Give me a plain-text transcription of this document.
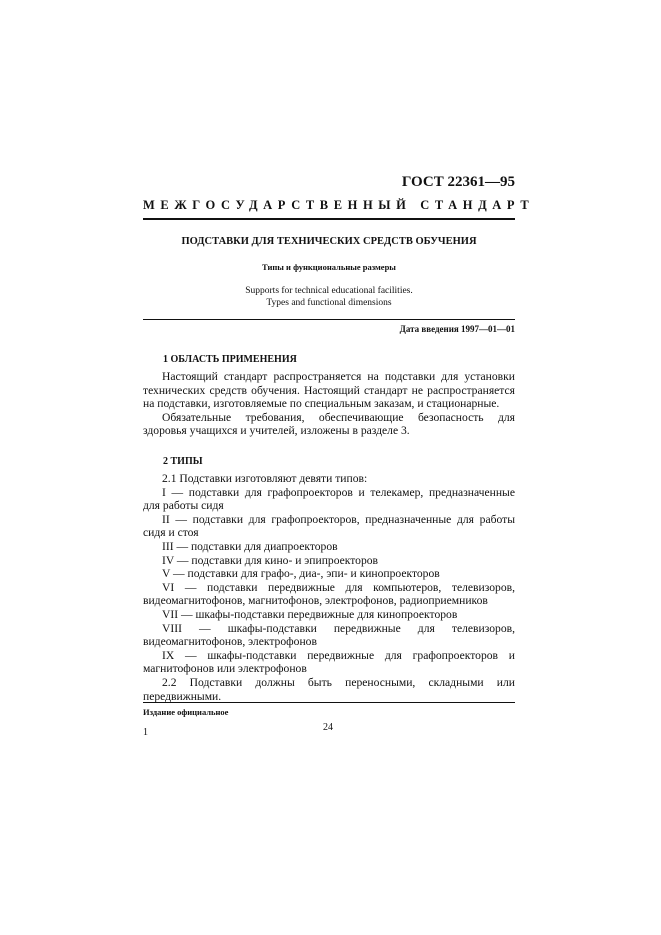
ГОСТ 22361—95
МЕЖГОСУДАРСТВЕННЫЙ СТАНДАРТ
ПОДСТАВКИ ДЛЯ ТЕХНИЧЕСКИХ СРЕДСТВ ОБУЧЕНИЯ
Типы и функциональные размеры
Supports for technical educational facilities.
Types and functional dimensions
Дата введения 1997—01—01
1 ОБЛАСТЬ ПРИМЕНЕНИЯ

Настоящий стандарт распространяется на подставки для установки технических средств обучения. Настоящий стандарт не распространяется на подставки, изготовляемые по специальным заказам, и стационарные.

Обязательные требования, обеспечивающие безопасность для здоровья учащихся и учителей, изложены в разделе 3.

2 ТИПЫ

2.1 Подставки изготовляют девяти типов:

I — подставки для графопроекторов и телекамер, предназначенные для работы сидя

II — подставки для графопроекторов, предназначенные для работы сидя и стоя

III — подставки для диапроекторов

IV — подставки для кино- и эпипроекторов

V — подставки для графо-, диа-, эпи- и кинопроекторов

VI — подставки передвижные для компьютеров, телевизоров, видеомагнитофонов, магнитофонов, электрофонов, радиоприемников

VII — шкафы-подставки передвижные для кинопроекторов

VIII — шкафы-подставки передвижные для телевизоров, видеомагнитофонов, электрофонов

IX — шкафы-подставки передвижные для графопроекторов и магнитофонов или электрофонов

2.2 Подставки должны быть переносными, складными или передвижными.

Издание официальное
1	24
